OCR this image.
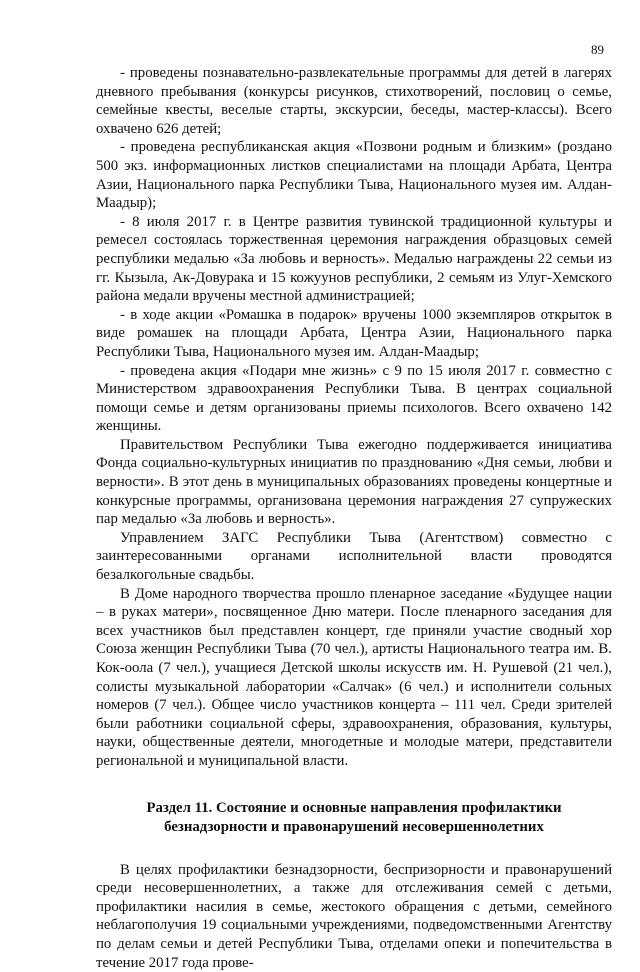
89

- проведены познавательно-развлекательные программы для детей в лагерях дневного пребывания (конкурсы рисунков, стихотворений, пословиц о семье, семейные квесты, веселые старты, экскурсии, беседы, мастер-классы). Всего охвачено 626 детей;

- проведена республиканская акция «Позвони родным и близким» (роздано 500 экз. информационных листков специалистами на площади Арбата, Центра Азии, Национального парка Республики Тыва, Национального музея им. Алдан-Маадыр);

- 8 июля 2017 г. в Центре развития тувинской традиционной культуры и ремесел состоялась торжественная церемония награждения образцовых семей республики медалью «За любовь и верность». Медалью награждены 22 семьи из гг. Кызыла, Ак-Довурака и 15 кожуунов республики, 2 семьям из Улуг-Хемского района медали вручены местной администрацией;

- в ходе акции «Ромашка в подарок» вручены 1000 экземпляров открыток в виде ромашек на площади Арбата, Центра Азии, Национального парка Республики Тыва, Национального музея им. Алдан-Маадыр;

- проведена акция «Подари мне жизнь» с 9 по 15 июля 2017 г. совместно с Министерством здравоохранения Республики Тыва. В центрах социальной помощи семье и детям организованы приемы психологов. Всего охвачено 142 женщины.

Правительством Республики Тыва ежегодно поддерживается инициатива Фонда социально-культурных инициатив по празднованию «Дня семьи, любви и верности». В этот день в муниципальных образованиях проведены концертные и конкурсные программы, организована церемония награждения 27 супружеских пар медалью «За любовь и верность».

Управлением ЗАГС Республики Тыва (Агентством) совместно с заинтересованными органами исполнительной власти проводятся безалкогольные свадьбы.

В Доме народного творчества прошло пленарное заседание «Будущее нации – в руках матери», посвященное Дню матери. После пленарного заседания для всех участников был представлен концерт, где приняли участие сводный хор Союза женщин Республики Тыва (70 чел.), артисты Национального театра им. В. Кок-оола (7 чел.), учащиеся Детской школы искусств им. Н. Рушевой (21 чел.), солисты музыкальной лаборатории «Салчак» (6 чел.) и исполнители сольных номеров (7 чел.). Общее число участников концерта – 111 чел. Среди зрителей были работники социальной сферы, здравоохранения, образования, культуры, науки, общественные деятели, многодетные и молодые матери, представители региональной и муниципальной власти.

Раздел 11. Состояние и основные направления профилактики
безнадзорности и правонарушений несовершеннолетних

В целях профилактики безнадзорности, беспризорности и правонарушений среди несовершеннолетних, а также для отслеживания семей с детьми, профилактики насилия в семье, жестокого обращения с детьми, семейного неблагополучия 19 социальными учреждениями, подведомственными Агентству по делам семьи и детей Республики Тыва, отделами опеки и попечительства в течение 2017 года прове-
